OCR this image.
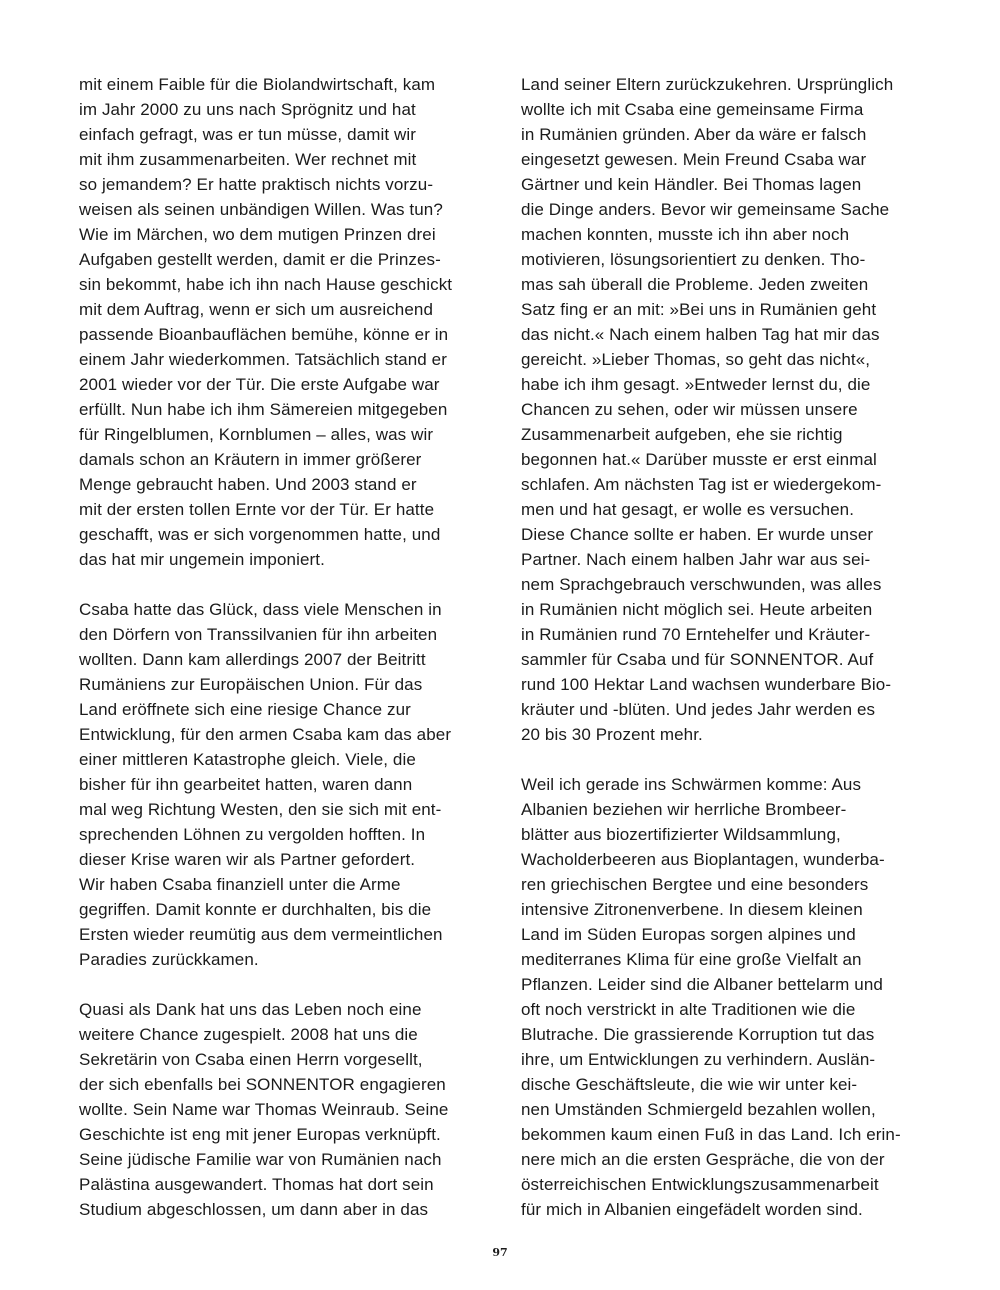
mit einem Faible für die Biolandwirtschaft, kam
im Jahr 2000 zu uns nach Sprögnitz und hat
einfach gefragt, was er tun müsse, damit wir
mit ihm zusammenarbeiten. Wer rechnet mit
so jemandem? Er hatte praktisch nichts vorzu-
weisen als seinen unbändigen Willen. Was tun?
Wie im Märchen, wo dem mutigen Prinzen drei
Aufgaben gestellt werden, damit er die Prinzes-
sin bekommt, habe ich ihn nach Hause geschickt
mit dem Auftrag, wenn er sich um ausreichend
passende Bioanbauflächen bemühe, könne er in
einem Jahr wiederkommen. Tatsächlich stand er
2001 wieder vor der Tür. Die erste Aufgabe war
erfüllt. Nun habe ich ihm Sämereien mitgegeben
für Ringelblumen, Kornblumen – alles, was wir
damals schon an Kräutern in immer größerer
Menge gebraucht haben. Und 2003 stand er
mit der ersten tollen Ernte vor der Tür. Er hatte
geschafft, was er sich vorgenommen hatte, und
das hat mir ungemein imponiert.
Csaba hatte das Glück, dass viele Menschen in
den Dörfern von Transsilvanien für ihn arbeiten
wollten. Dann kam allerdings 2007 der Beitritt
Rumäniens zur Europäischen Union. Für das
Land eröffnete sich eine riesige Chance zur
Entwicklung, für den armen Csaba kam das aber
einer mittleren Katastrophe gleich. Viele, die
bisher für ihn gearbeitet hatten, waren dann
mal weg Richtung Westen, den sie sich mit ent-
sprechenden Löhnen zu vergolden hofften. In
dieser Krise waren wir als Partner gefordert.
Wir haben Csaba finanziell unter die Arme
gegriffen. Damit konnte er durchhalten, bis die
Ersten wieder reumütig aus dem vermeintlichen
Paradies zurückkamen.
Quasi als Dank hat uns das Leben noch eine
weitere Chance zugespielt. 2008 hat uns die
Sekretärin von Csaba einen Herrn vorgesellt,
der sich ebenfalls bei SONNENTOR engagieren
wollte. Sein Name war Thomas Weinraub. Seine
Geschichte ist eng mit jener Europas verknüpft.
Seine jüdische Familie war von Rumänien nach
Palästina ausgewandert. Thomas hat dort sein
Studium abgeschlossen, um dann aber in das
Land seiner Eltern zurückzukehren. Ursprünglich
wollte ich mit Csaba eine gemeinsame Firma
in Rumänien gründen. Aber da wäre er falsch
eingesetzt gewesen. Mein Freund Csaba war
Gärtner und kein Händler. Bei Thomas lagen
die Dinge anders. Bevor wir gemeinsame Sache
machen konnten, musste ich ihn aber noch
motivieren, lösungsorientiert zu denken. Tho-
mas sah überall die Probleme. Jeden zweiten
Satz fing er an mit: »Bei uns in Rumänien geht
das nicht.« Nach einem halben Tag hat mir das
gereicht. »Lieber Thomas, so geht das nicht«,
habe ich ihm gesagt. »Entweder lernst du, die
Chancen zu sehen, oder wir müssen unsere
Zusammenarbeit aufgeben, ehe sie richtig
begonnen hat.« Darüber musste er erst einmal
schlafen. Am nächsten Tag ist er wiedergekom-
men und hat gesagt, er wolle es versuchen.
Diese Chance sollte er haben. Er wurde unser
Partner. Nach einem halben Jahr war aus sei-
nem Sprachgebrauch verschwunden, was alles
in Rumänien nicht möglich sei. Heute arbeiten
in Rumänien rund 70 Erntehelfer und Kräuter-
sammler für Csaba und für SONNENTOR. Auf
rund 100 Hektar Land wachsen wunderbare Bio-
kräuter und -blüten. Und jedes Jahr werden es
20 bis 30 Prozent mehr.
Weil ich gerade ins Schwärmen komme: Aus
Albanien beziehen wir herrliche Brombeer-
blätter aus biozertifizierter Wildsammlung,
Wacholderbeeren aus Bioplantagen, wunderba-
ren griechischen Bergtee und eine besonders
intensive Zitronenverbene. In diesem kleinen
Land im Süden Europas sorgen alpines und
mediterranes Klima für eine große Vielfalt an
Pflanzen. Leider sind die Albaner bettelarm und
oft noch verstrickt in alte Traditionen wie die
Blutrache. Die grassierende Korruption tut das
ihre, um Entwicklungen zu verhindern. Auslän-
dische Geschäftsleute, die wie wir unter kei-
nen Umständen Schmiergeld bezahlen wollen,
bekommen kaum einen Fuß in das Land. Ich erin-
nere mich an die ersten Gespräche, die von der
österreichischen Entwicklungszusammenarbeit
für mich in Albanien eingefädelt worden sind.
97
